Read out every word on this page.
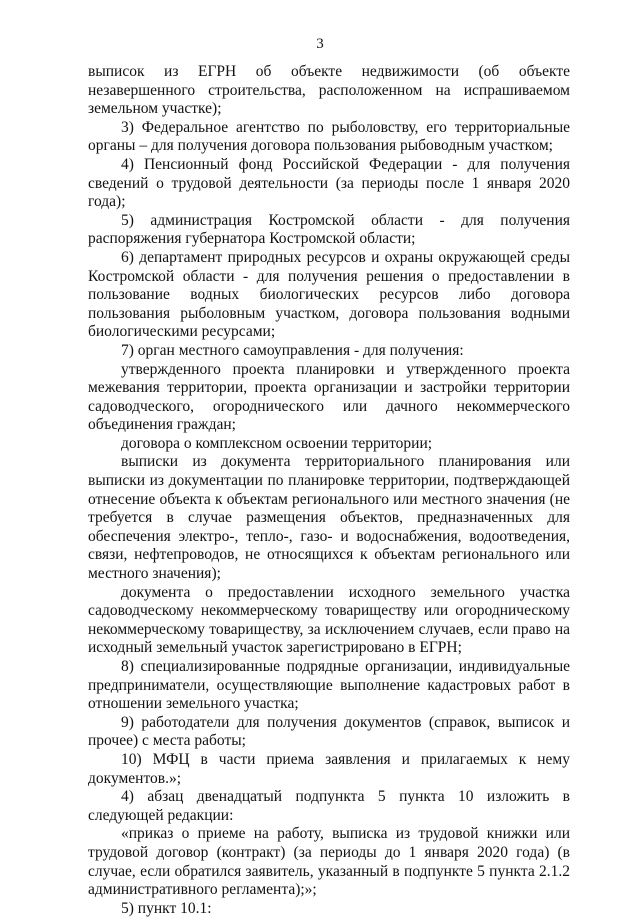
3

выписок из ЕГРН об объекте недвижимости (об объекте незавершенного строительства, расположенном на испрашиваемом земельном участке);

3) Федеральное агентство по рыболовству, его территориальные органы – для получения договора пользования рыбоводным участком;

4) Пенсионный фонд Российской Федерации - для получения сведений о трудовой деятельности (за периоды после 1 января 2020 года);

5) администрация Костромской области - для получения распоряжения губернатора Костромской области;

6) департамент природных ресурсов и охраны окружающей среды Костромской области - для получения решения о предоставлении в пользование водных биологических ресурсов либо договора пользования рыболовным участком, договора пользования водными биологическими ресурсами;

7) орган местного самоуправления - для получения:

утвержденного проекта планировки и утвержденного проекта межевания территории, проекта организации и застройки территории садоводческого, огороднического или дачного некоммерческого объединения граждан;

договора о комплексном освоении территории;

выписки из документа территориального планирования или выписки из документации по планировке территории, подтверждающей отнесение объекта к объектам регионального или местного значения (не требуется в случае размещения объектов, предназначенных для обеспечения электро-, тепло-, газо- и водоснабжения, водоотведения, связи, нефтепроводов, не относящихся к объектам регионального или местного значения);

документа о предоставлении исходного земельного участка садоводческому некоммерческому товариществу или огородническому некоммерческому товариществу, за исключением случаев, если право на исходный земельный участок зарегистрировано в ЕГРН;

8) специализированные подрядные организации, индивидуальные предприниматели, осуществляющие выполнение кадастровых работ в отношении земельного участка;

9) работодатели для получения документов (справок, выписок и прочее) с места работы;

10) МФЦ в части приема заявления и прилагаемых к нему документов.»;

4) абзац двенадцатый подпункта 5 пункта 10 изложить в следующей редакции:

«приказ о приеме на работу, выписка из трудовой книжки или трудовой договор (контракт) (за периоды до 1 января 2020 года) (в случае, если обратился заявитель, указанный в подпункте 5 пункта 2.1.2 административного регламента);»;

5) пункт 10.1:
